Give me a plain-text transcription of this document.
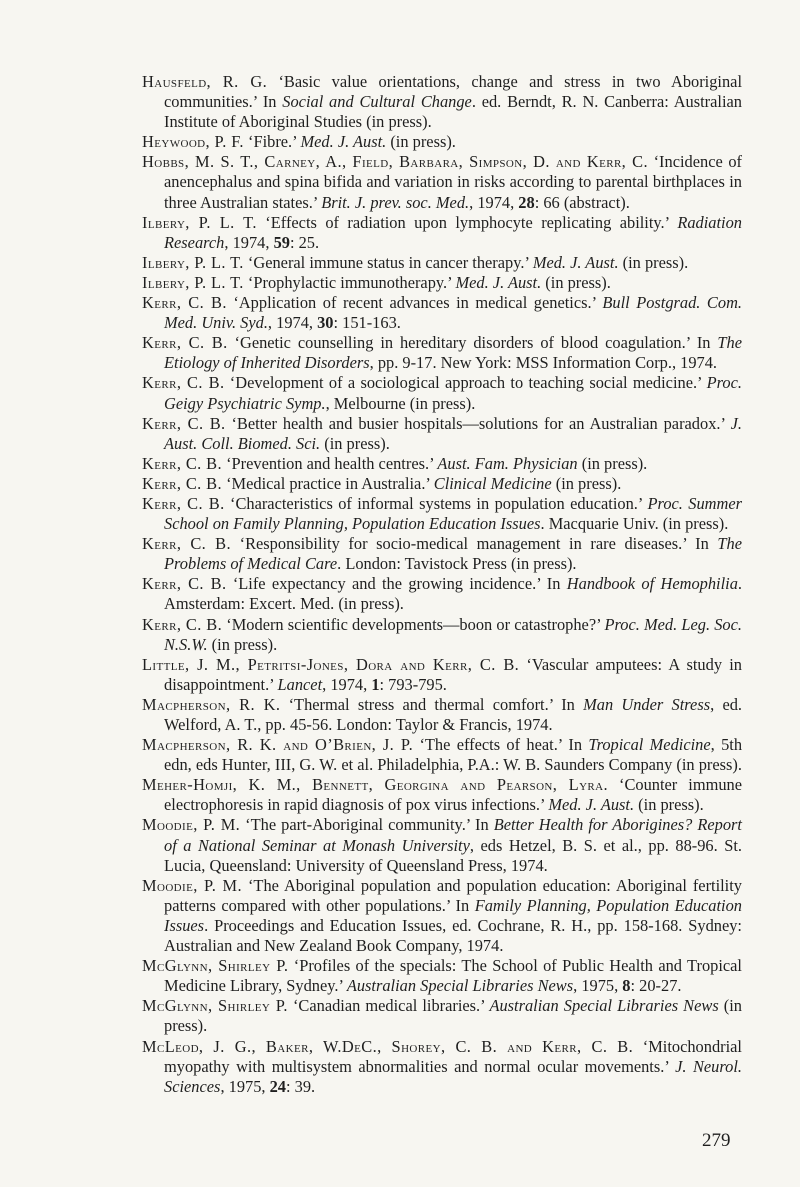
Hausfeld, R. G. ‘Basic value orientations, change and stress in two Aboriginal communities.’ In Social and Cultural Change. ed. Berndt, R. N. Canberra: Australian Institute of Aboriginal Studies (in press).

Heywood, P. F. ‘Fibre.’ Med. J. Aust. (in press).

Hobbs, M. S. T., Carney, A., Field, Barbara, Simpson, D. and Kerr, C. ‘Incidence of anencephalus and spina bifida and variation in risks according to parental birthplaces in three Australian states.’ Brit. J. prev. soc. Med., 1974, 28: 66 (abstract).

Ilbery, P. L. T. ‘Effects of radiation upon lymphocyte replicating ability.’ Radiation Research, 1974, 59: 25.

Ilbery, P. L. T. ‘General immune status in cancer therapy.’ Med. J. Aust. (in press).

Ilbery, P. L. T. ‘Prophylactic immunotherapy.’ Med. J. Aust. (in press).

Kerr, C. B. ‘Application of recent advances in medical genetics.’ Bull Postgrad. Com. Med. Univ. Syd., 1974, 30: 151-163.

Kerr, C. B. ‘Genetic counselling in hereditary disorders of blood coagulation.’ In The Etiology of Inherited Disorders, pp. 9-17. New York: MSS Information Corp., 1974.

Kerr, C. B. ‘Development of a sociological approach to teaching social medicine.’ Proc. Geigy Psychiatric Symp., Melbourne (in press).

Kerr, C. B. ‘Better health and busier hospitals—solutions for an Australian paradox.’ J. Aust. Coll. Biomed. Sci. (in press).

Kerr, C. B. ‘Prevention and health centres.’ Aust. Fam. Physician (in press).

Kerr, C. B. ‘Medical practice in Australia.’ Clinical Medicine (in press).

Kerr, C. B. ‘Characteristics of informal systems in population education.’ Proc. Summer School on Family Planning, Population Education Issues. Macquarie Univ. (in press).

Kerr, C. B. ‘Responsibility for socio-medical management in rare diseases.’ In The Problems of Medical Care. London: Tavistock Press (in press).

Kerr, C. B. ‘Life expectancy and the growing incidence.’ In Handbook of Hemophilia. Amsterdam: Excert. Med. (in press).

Kerr, C. B. ‘Modern scientific developments—boon or catastrophe?’ Proc. Med. Leg. Soc. N.S.W. (in press).

Little, J. M., Petritsi-Jones, Dora and Kerr, C. B. ‘Vascular amputees: A study in disappointment.’ Lancet, 1974, 1: 793-795.

Macpherson, R. K. ‘Thermal stress and thermal comfort.’ In Man Under Stress, ed. Welford, A. T., pp. 45-56. London: Taylor & Francis, 1974.

Macpherson, R. K. and O’Brien, J. P. ‘The effects of heat.’ In Tropical Medicine, 5th edn, eds Hunter, III, G. W. et al. Philadelphia, P.A.: W. B. Saunders Company (in press).

Meher-Homji, K. M., Bennett, Georgina and Pearson, Lyra. ‘Counter immune electrophoresis in rapid diagnosis of pox virus infections.’ Med. J. Aust. (in press).

Moodie, P. M. ‘The part-Aboriginal community.’ In Better Health for Aborigines? Report of a National Seminar at Monash University, eds Hetzel, B. S. et al., pp. 88-96. St. Lucia, Queensland: University of Queensland Press, 1974.

Moodie, P. M. ‘The Aboriginal population and population education: Aboriginal fertility patterns compared with other populations.’ In Family Planning, Population Education Issues. Proceedings and Education Issues, ed. Cochrane, R. H., pp. 158-168. Sydney: Australian and New Zealand Book Company, 1974.

McGlynn, Shirley P. ‘Profiles of the specials: The School of Public Health and Tropical Medicine Library, Sydney.’ Australian Special Libraries News, 1975, 8: 20-27.

McGlynn, Shirley P. ‘Canadian medical libraries.’ Australian Special Libraries News (in press).

McLeod, J. G., Baker, W.DeC., Shorey, C. B. and Kerr, C. B. ‘Mitochondrial myopathy with multisystem abnormalities and normal ocular movements.’ J. Neurol. Sciences, 1975, 24: 39.

279
